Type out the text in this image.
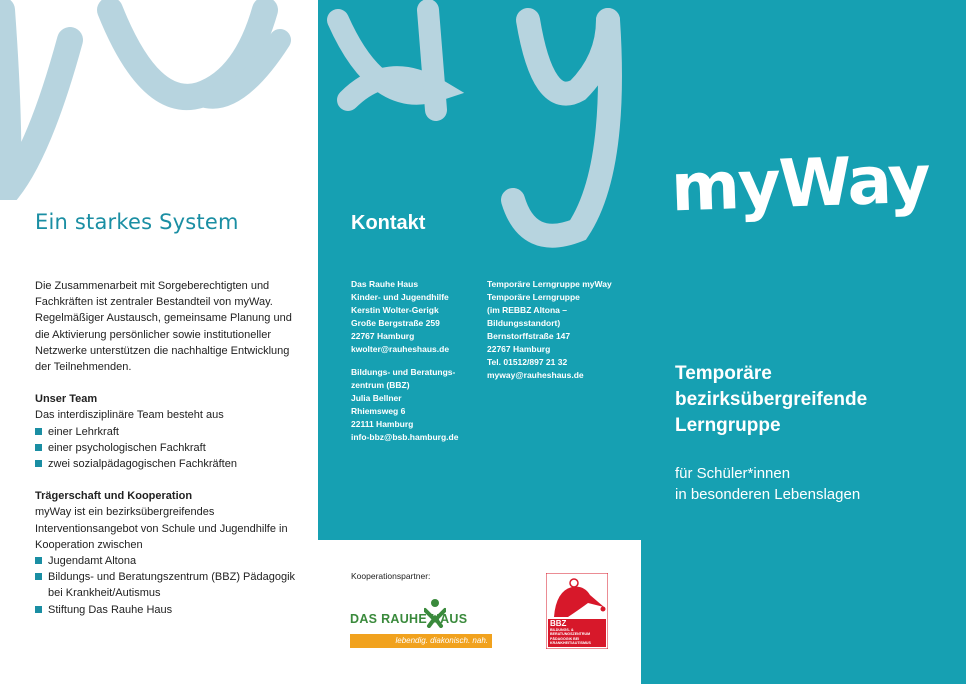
Ein starkes System

Die Zusammenarbeit mit Sorgeberechtigten und Fachkräften ist zentraler Bestandteil von myWay. Regelmäßiger Austausch, gemeinsame Planung und die Aktivierung persönlicher sowie institutioneller Netzwerke unterstützen die nachhaltige Entwicklung der Teilnehmenden.

Unser Team

Das interdisziplinäre Team besteht aus

einer Lehrkraft
einer psychologischen Fachkraft
zwei sozialpädagogischen Fachkräften
Trägerschaft und Kooperation

myWay ist ein bezirksübergreifendes Interventionsangebot von Schule und Jugendhilfe in Kooperation zwischen

Jugendamt Altona
Bildungs- und Beratungszentrum (BBZ) Pädagogik bei Krankheit/Autismus
Stiftung Das Rauhe Haus
Kontakt
Das Rauhe Haus
Kinder- und Jugendhilfe
Kerstin Wolter-Gerigk
Große Bergstraße 259
22767 Hamburg
kwolter@rauheshaus.de
Bildungs- und Beratungs-
zentrum (BBZ)
Julia Bellner
Rhiemsweg 6
22111 Hamburg
info-bbz@bsb.hamburg.de
Temporäre Lerngruppe myWay
Temporäre Lerngruppe
(im REBBZ Altona –
Bildungsstandort)
Bernstorffstraße 147
22767 Hamburg
Tel. 01512/897 21 32
myway@rauheshaus.de
Kooperationspartner:
DAS RAUHE HAUS
lebendig. diakonisch. nah.
BBZ
BILDUNGS- &
BERATUNGSZENTRUM
PÄDAGOGIK BEI
KRANKHEIT/AUTISMUS
myWay
Temporäre bezirksübergreifende Lerngruppe

für Schüler*innen
in besonderen Lebenslagen
